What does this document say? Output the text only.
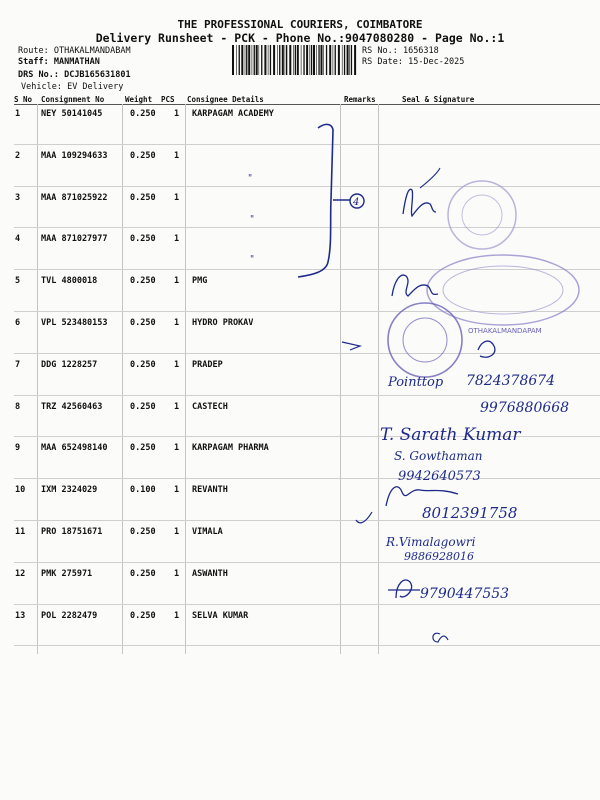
THE PROFESSIONAL COURIERS, COIMBATORE
Delivery Runsheet - PCK - Phone No.:9047080280 - Page No.:1
Route: OTHAKALMANDABAM
Staff: MANMATHAN
DRS No.: DCJB165631801
Vehicle: EV Delivery
RS No.: 1656318
RS Date: 15-Dec-2025
S No Consignment No	Weight PCS Consignee Details	Remarks	Seal & Signature
1 NEY 50141045	0.250 1 KARPAGAM ACADEMY
2 MAA 109294633	0.250 1
3 MAA 871025922	0.250 1
4 MAA 871027977	0.250 1
5 TVL 4800018	0.250 1 PMG
6 VPL 523480153	0.250 1 HYDRO PROKAV
7 DDG 1228257	0.250 1 PRADEP
8 TRZ 42560463	0.250 1 CASTECH
9 MAA 652498140	0.250 1 KARPAGAM PHARMA
10 IXM 2324029	0.100 1 REVANTH
11 PRO 18751671	0.250 1 VIMALA
12 PMK 275971	0.250 1 ASWANTH
13 POL 2282479	0.250 1 SELVA KUMAR
4
"
"
"
OTHAKALMANDAPAM
Pointtop 7824378674
9976880668
T. Sarath Kumar
S. Gowthaman
9942640573
8012391758
R.Vimalagowri
9886928016
9790447553
